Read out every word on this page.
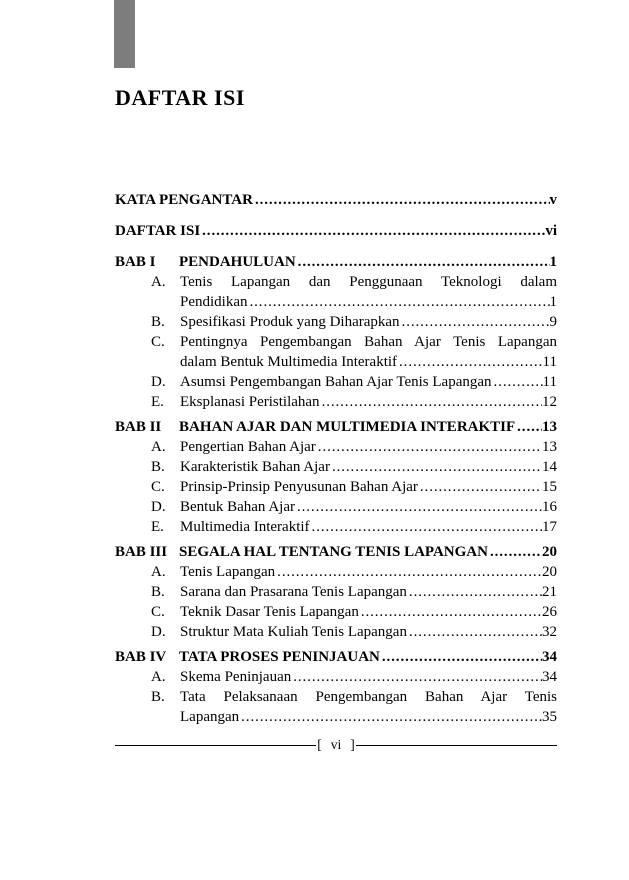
DAFTAR ISI
KATA PENGANTAR .....	v
DAFTAR ISI .....	vi
BAB I	PENDAHULUAN .....	1
A. Tenis Lapangan dan Penggunaan Teknologi dalam
Pendidikan .....	1
B.	Spesifikasi Produk yang Diharapkan .....	9
C.	Pentingnya Pengembangan Bahan Ajar Tenis Lapangan
dalam Bentuk Multimedia Interaktif .....	11
D. Asumsi Pengembangan Bahan Ajar Tenis Lapangan .....	11
E.	Eksplanasi Peristilahan .....	12
BAB II	BAHAN AJAR DAN MULTIMEDIA INTERAKTIF ..... 13
A. Pengertian Bahan Ajar .....	13
B.	Karakteristik Bahan Ajar .....	14
C.	Prinsip-Prinsip Penyusunan Bahan Ajar .....	15
D. Bentuk Bahan Ajar .....	16
E.	Multimedia Interaktif .....	17
BAB III SEGALA HAL TENTANG TENIS LAPANGAN .....	20
A. Tenis Lapangan .....	20
B.	Sarana dan Prasarana Tenis Lapangan .....	21
C.	Teknik Dasar Tenis Lapangan .....	26
D. Struktur Mata Kuliah Tenis Lapangan .....	32
BAB IV TATA PROSES PENINJAUAN .....	34
A. Skema Peninjauan .....	34
B.	Tata Pelaksanaan Pengembangan Bahan Ajar Tenis
Lapangan .....	35
[ vi ]
